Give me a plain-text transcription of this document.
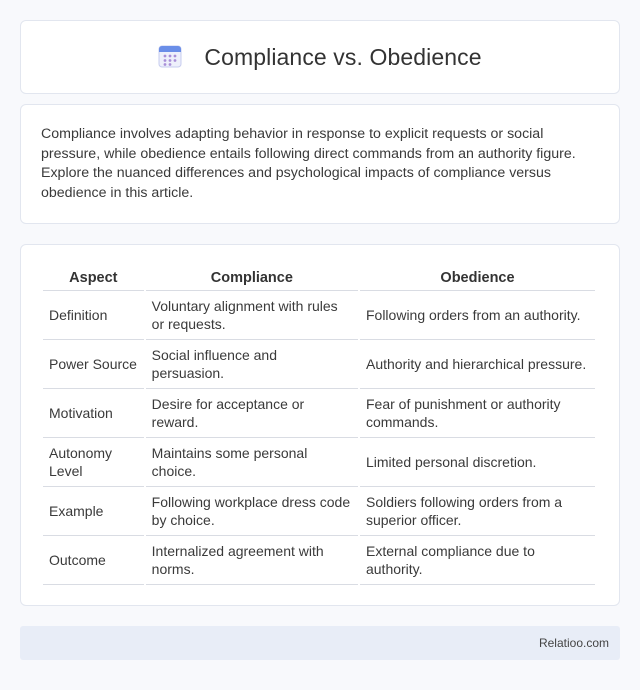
Compliance vs. Obedience

Compliance involves adapting behavior in response to explicit requests or social pressure, while obedience entails following direct commands from an authority figure. Explore the nuanced differences and psychological impacts of compliance versus obedience in this article.

Aspect	Compliance	Obedience
Definition	Voluntary alignment with rules or requests.	Following orders from an authority.
Power Source	Social influence and persuasion.	Authority and hierarchical pressure.
Motivation	Desire for acceptance or reward.	Fear of punishment or authority commands.
Autonomy Level	Maintains some personal choice.	Limited personal discretion.
Example	Following workplace dress code by choice.	Soldiers following orders from a superior officer.
Outcome	Internalized agreement with norms.	External compliance due to authority.
Relatioo.com
